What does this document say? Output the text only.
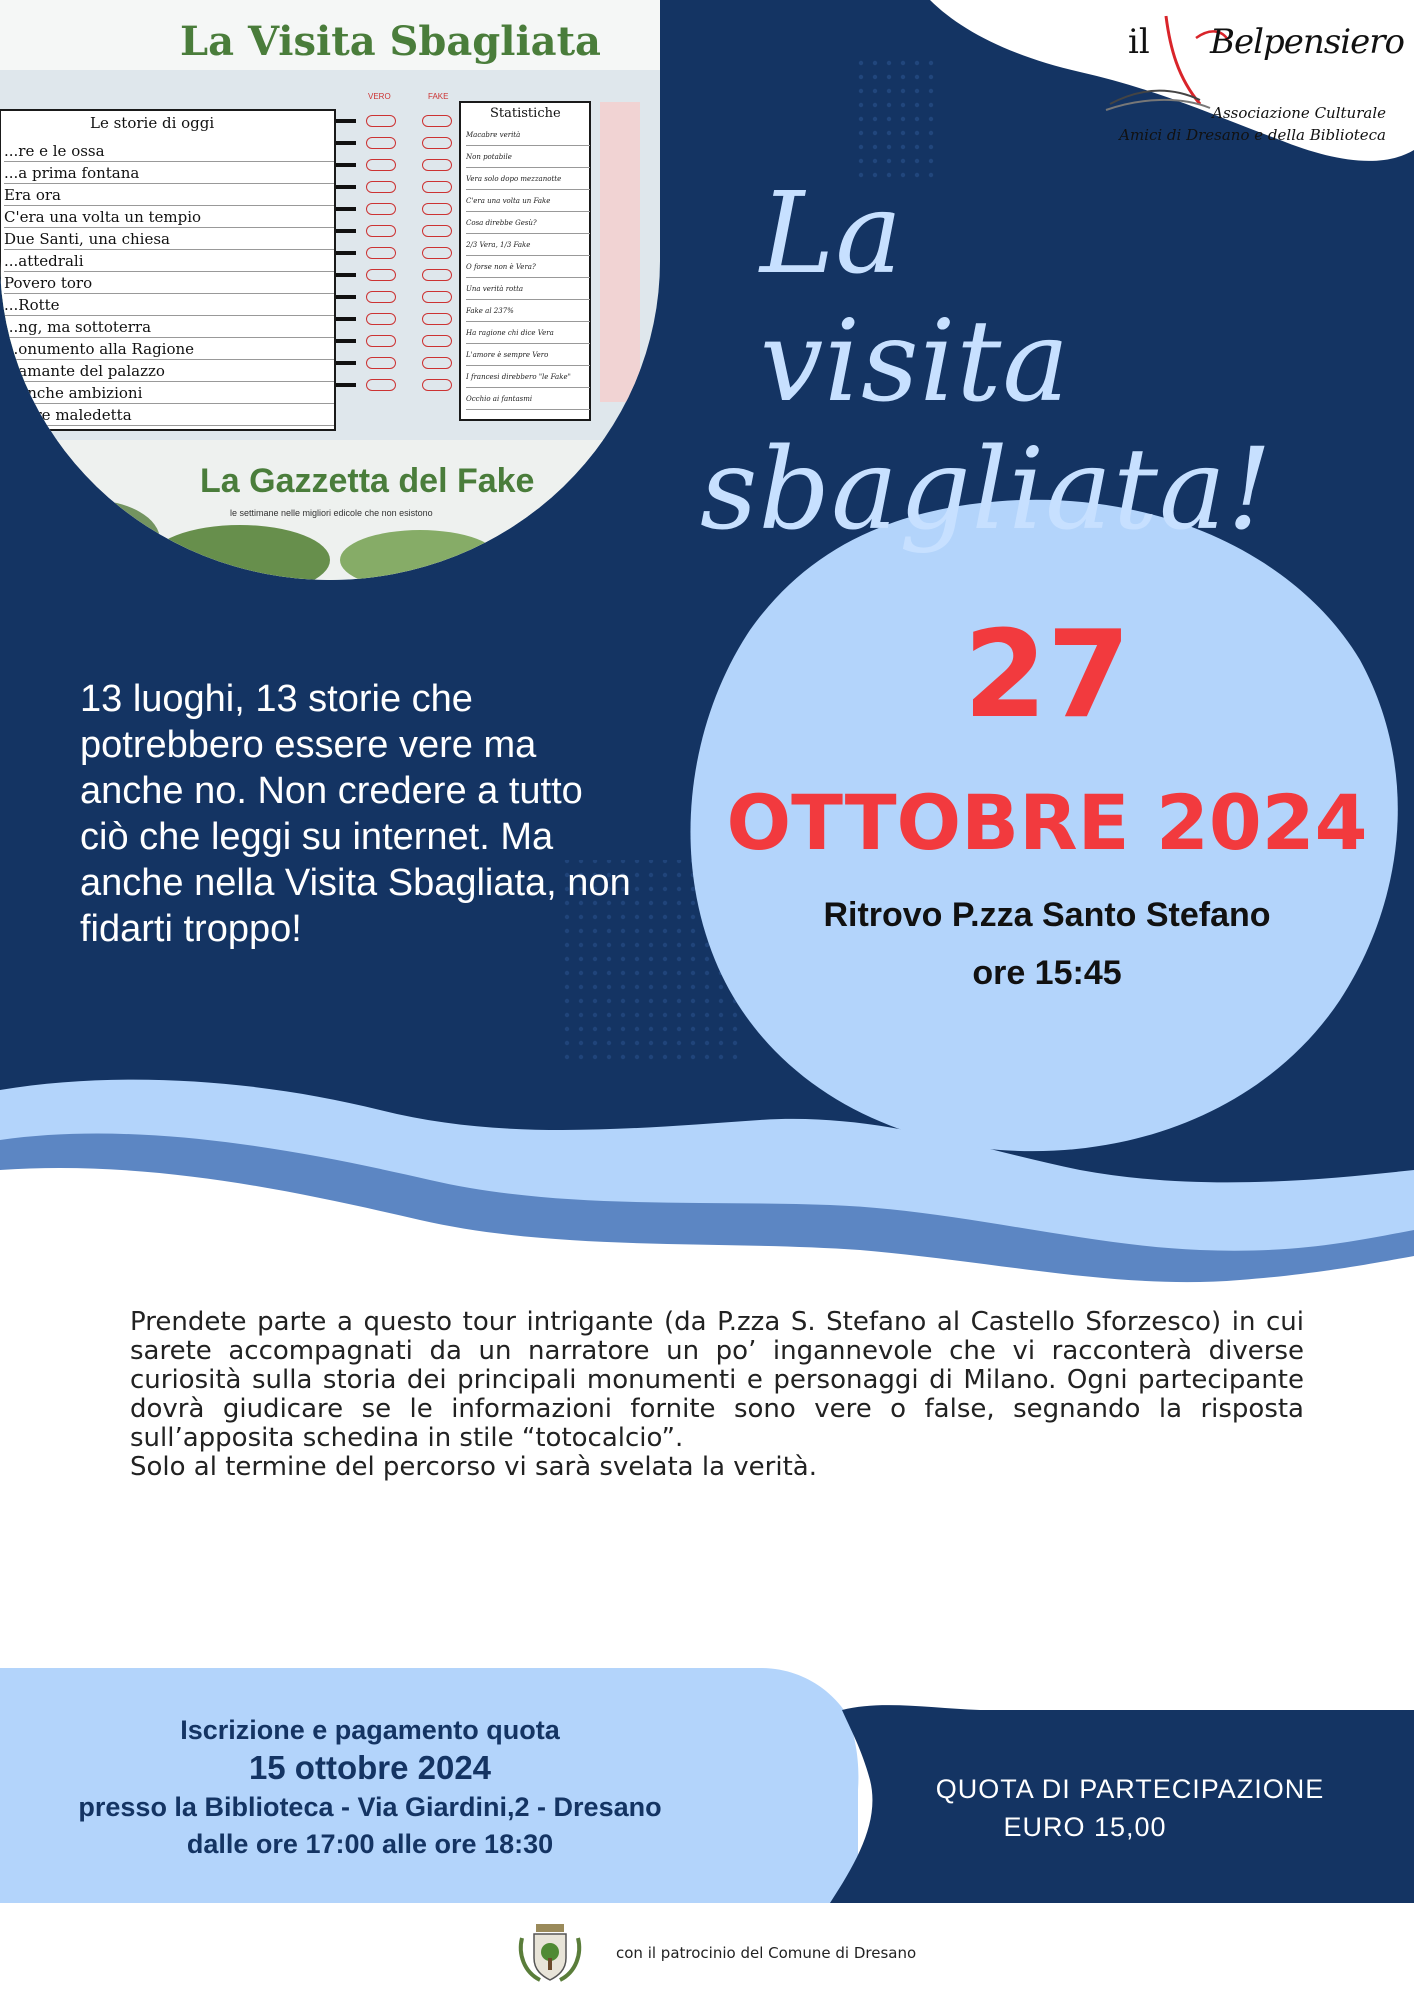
La Visita Sbagliata
Le storie di oggi
VERO	FAKE
Statistiche
...re e le ossa
...a prima fontana
Era ora
C'era una volta un tempio
Due Santi, una chiesa
...attedrali
Povero toro
...Rotte
...ng, ma sottoterra
...onumento alla Ragione
...amante del palazzo
...anche ambizioni
...orre maledetta
Macabre verità
Non potabile
Vera solo dopo mezzanotte
C'era una volta un Fake
Cosa direbbe Gesù?
2/3 Vera, 1/3 Fake
O forse non è Vera?
Una verità rotta
Fake al 237%
Ha ragione chi dice Vera
L'amore è sempre Vero
I francesi direbbero "le Fake"
Occhio ai fantasmi
La Gazzetta del Fake
le settimane nelle migliori edicole che non esistono
il Belpensiero
Associazione Culturale
Amici di Dresano e della Biblioteca
La visita
sbagliata!
13 luoghi, 13 storie che potrebbero essere vere ma anche no. Non credere a tutto ciò che leggi su internet. Ma anche nella Visita Sbagliata, non fidarti troppo!
27
OTTOBRE 2024
Ritrovo P.zza Santo Stefano
ore 15:45

Prendete parte a questo tour intrigante (da P.zza S. Stefano al Castello Sforzesco) in cui sarete accompagnati da un narratore un po’ ingannevole che vi racconterà diverse curiosità sulla storia dei principali monumenti e personaggi di Milano. Ogni partecipante dovrà giudicare se le informazioni fornite sono vere o false, segnando la risposta sull’apposita schedina in stile “totocalcio”.

Solo al termine del percorso vi sarà svelata la verità.

Iscrizione e pagamento quota
15 ottobre 2024
presso la Biblioteca - Via Giardini,2 - Dresano
dalle ore 17:00 alle ore 18:30
QUOTA DI PARTECIPAZIONE
EURO 15,00
con il patrocinio del Comune di Dresano
